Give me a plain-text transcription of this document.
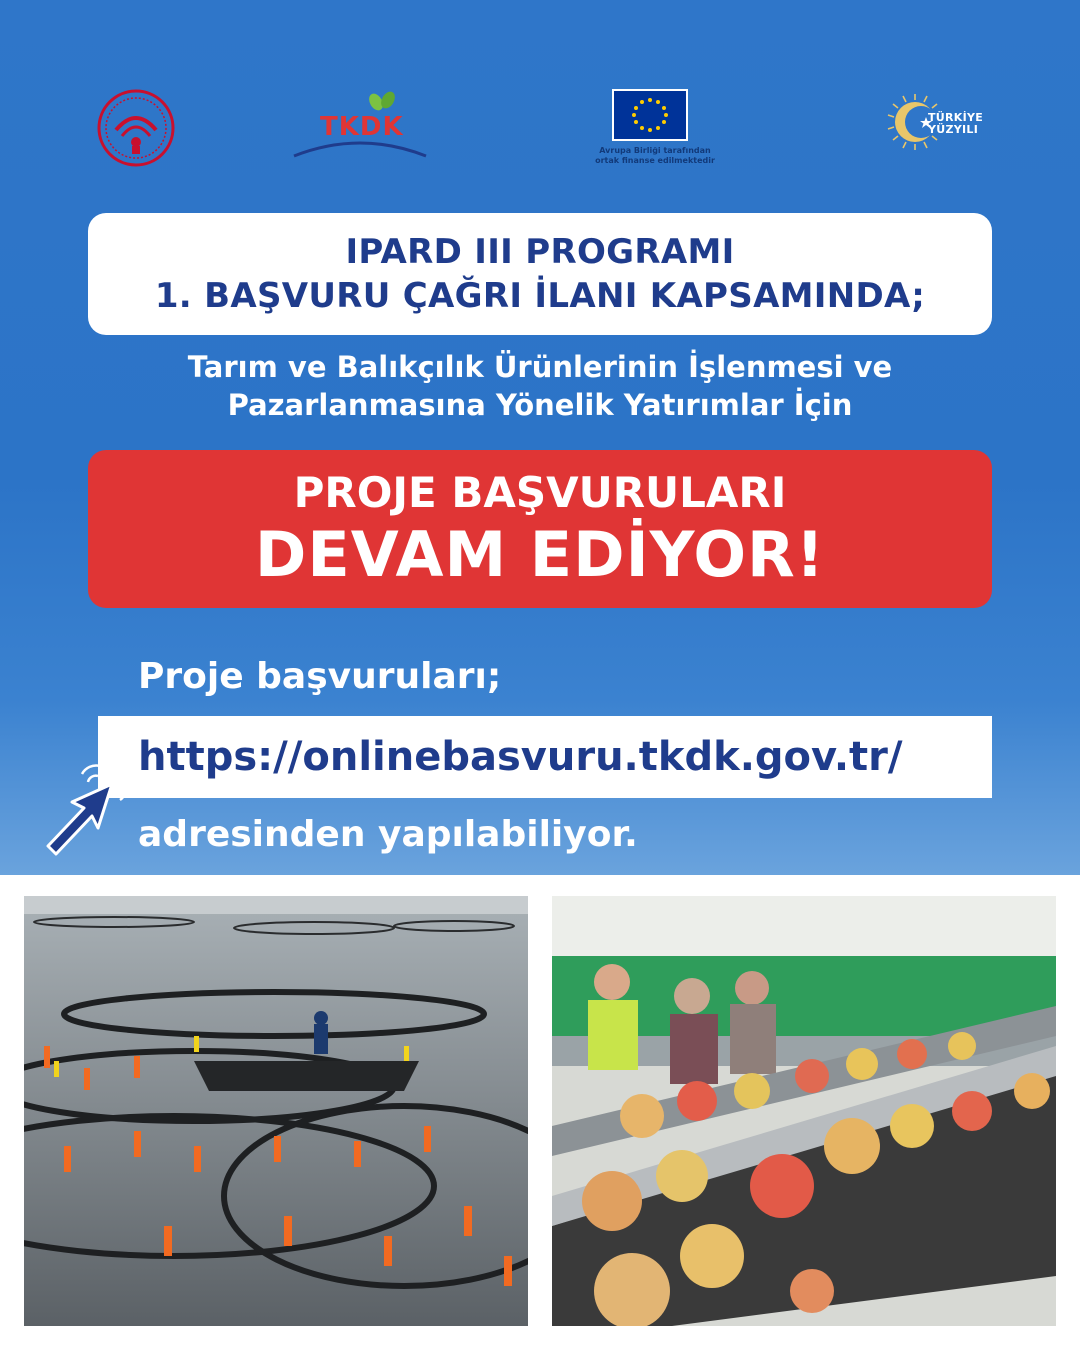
TKDK
Avrupa Birliği tarafından
ortak finanse edilmektedir
TÜRKİYE
YÜZYILI
IPARD III PROGRAMI
1. BAŞVURU ÇAĞRI İLANI KAPSAMINDA;
Tarım ve Balıkçılık Ürünlerinin İşlenmesi ve
Pazarlanmasına Yönelik Yatırımlar İçin
PROJE BAŞVURULARI
DEVAM EDİYOR!
Proje başvuruları;
https://onlinebasvuru.tkdk.gov.tr/
adresinden yapılabiliyor.
